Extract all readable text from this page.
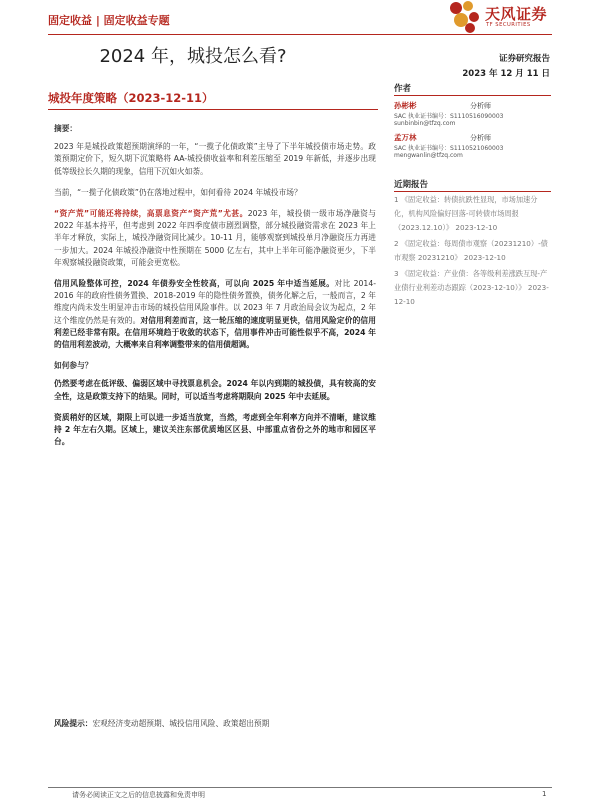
固定收益 | 固定收益专题	天风证券
TF SECURITIES
2024 年，城投怎么看?	证券研究报告
2023 年 12 月 11 日
城投年度策略（2023-12-11）
作者
孙彬彬	分析师
SAC 执业证书编号：S1110516090003
sunbinbin@tfzq.com
孟万林	分析师
SAC 执业证书编号：S1110521060003
mengwanlin@tfzq.com
近期报告
1 《固定收益：转债抗跌性显现，市场加速分化，机构风险偏好回落-可转债市场周报（2023.12.10）》 2023-12-10
2 《固定收益：每周债市观察（20231210）-债市观察 20231210》 2023-12-10
3 《固定收益：产业债：各等级利差涨跌互现-产业债行业利差动态跟踪（2023-12-10）》 2023-12-10
摘要：
2023 年是城投政策超预期演绎的一年，“一揽子化债政策”主导了下半年城投债市场走势。政策预期定价下，短久期下沉策略将 AA-城投债收益率和利差压缩至 2019 年新低，并逐步出现低等级拉长久期的现象，信用下沉如火如荼。
当前，“一揽子化债政策”仍在落地过程中，如何看待 2024 年城投市场？
“资产荒”可能还将持续，高票息资产“资产荒”尤甚。2023 年，城投债一级市场净融资与 2022 年基本持平，但考虑到 2022 年四季度债市剧烈调整，部分城投融资需求在 2023 年上半年才释放，实际上，城投净融资同比减少。10-11 月，能够观察到城投单月净融资压力再进一步加大。2024 年城投净融资中性预期在 5000 亿左右，其中上半年可能净融资更少，下半年观察城投融资政策，可能会更宽松。
信用风险整体可控，2024 年债券安全性较高，可以向 2025 年中适当延展。对比 2014-2016 年的政府性债务置换、2018-2019 年的隐性债务置换，债务化解之后，一般而言，2 年维度内尚未发生明显冲击市场的城投信用风险事件。以 2023 年 7 月政治局会议为起点，2 年这个维度仍然是有效的。对信用利差而言，这一轮压缩的速度明显更快，信用风险定价的信用利差已经非常有限。在信用环境趋于收敛的状态下，信用事件冲击可能性似乎不高，2024 年的信用利差波动，大概率来自利率调整带来的信用债超调。
如何参与？
仍然要考虑在低评级、偏弱区域中寻找票息机会。2024 年以内到期的城投债，具有较高的安全性，这是政策支持下的结果。同时，可以适当考虑将期限向 2025 年中去延展。
资质稍好的区域，期限上可以进一步适当放宽，当然，考虑到全年利率方向并不清晰，建议维持 2 年左右久期。区域上，建议关注东部优质地区区县、中部重点省份之外的地市和园区平台。
风险提示：宏观经济变动超预期、城投信用风险、政策超出预期
请务必阅读正文之后的信息披露和免责申明	1
